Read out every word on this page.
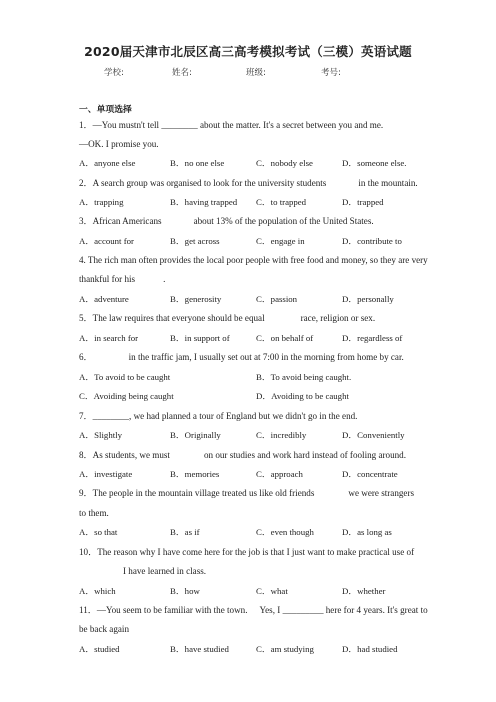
2020届天津市北辰区高三高考模拟考试（三模）英语试题
学校:	姓名:	班级:	考号:
一、单项选择
1．—You mustn't tell ________ about the matter. It's a secret between you and me.
—OK. I promise you.
A．anyone else	B．no one else	C．nobody else	D．someone else.
2．A search group was organised to look for the university students	in the mountain.
A．trapping	B．having trapped C．to trapped	D．trapped
3．African Americans	about 13% of the population of the United States.
A．account for	B．get across	C．engage in	D．contribute to
4. The rich man often provides the local poor people with free food and money, so they are very
thankful for his	.
A．adventure	B．generosity	C．passion	D．personally
5．The law requires that everyone should be equal	race, religion or sex.
A．in search for	B．in support of	C．on behalf of	D．regardless of
6．	in the traffic jam, I usually set out at 7:00 in the morning from home by car.
A．To avoid to be caught	B．To avoid being caught.
C．Avoiding being caught	D．Avoiding to be caught
7．________, we had planned a tour of England but we didn't go in the end.
A．Slightly	B．Originally	C．incredibly	D．Conveniently
8．As students, we must	on our studies and work hard instead of fooling around.
A．investigate	B．memories	C．approach	D．concentrate
9．The people in the mountain village treated us like old friends	we were strangers
to them.
A．so that	B．as if	C．even though	D．as long as
10．The reason why I have come here for the job is that I just want to make practical use of
I have learned in class.
A．which	B．how	C．what	D．whether
11．—You seem to be familiar with the town. Yes, I _________ here for 4 years. It's great to
be back again
A．studied	B．have studied	C．am studying	D．had studied
